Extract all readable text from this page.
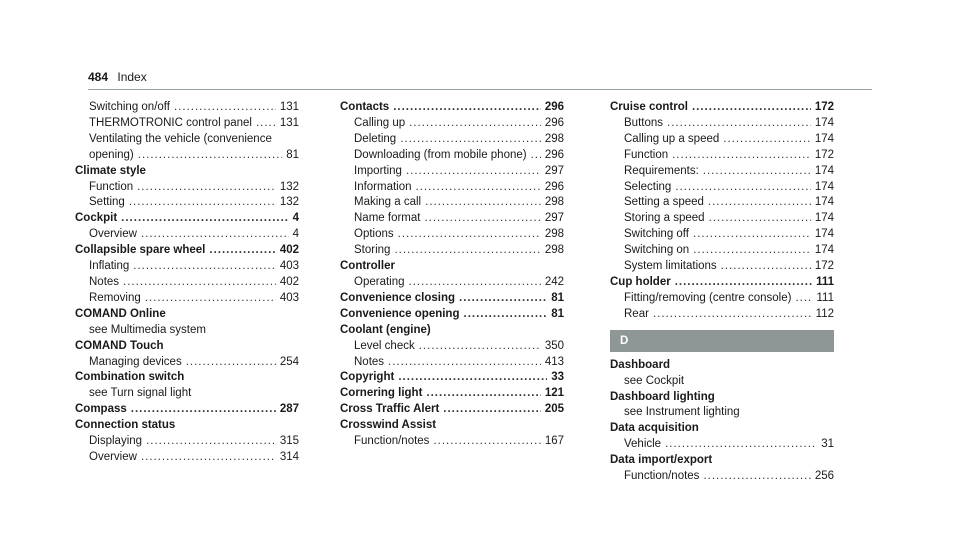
484 Index
Switching on/off .....	131
THERMOTRONIC control panel ..... 131
Ventilating the vehicle (convenience
opening) .....	81
Climate style
Function .....	132
Setting .....	132
Cockpit .....	4
Overview .....	4
Collapsible spare wheel .....	402
Inflating .....	403
Notes .....	402
Removing .....	403
COMAND Online
see Multimedia system
COMAND Touch
Managing devices .....	254
Combination switch
see Turn signal light
Compass .....	287
Connection status
Displaying .....	315
Overview .....	314
Contacts .....	296
Calling up .....	296
Deleting .....	298
Downloading (from mobile phone) ..... 296
Importing .....	297
Information .....	296
Making a call .....	298
Name format .....	297
Options .....	298
Storing .....	298
Controller
Operating .....	242
Convenience closing .....	81
Convenience opening .....	81
Coolant (engine)
Level check .....	350
Notes .....	413
Copyright .....	33
Cornering light .....	121
Cross Traffic Alert .....	205
Crosswind Assist
Function/notes .....	167
Cruise control .....	172
Buttons .....	174
Calling up a speed .....	174
Function .....	172
Requirements: .....	174
Selecting .....	174
Setting a speed .....	174
Storing a speed .....	174
Switching off .....	174
Switching on .....	174
System limitations .....	172
Cup holder .....	111
Fitting/removing (centre console) ..... 111
Rear .....	112
D
Dashboard
see Cockpit
Dashboard lighting
see Instrument lighting
Data acquisition
Vehicle .....	31
Data import/export
Function/notes .....	256
